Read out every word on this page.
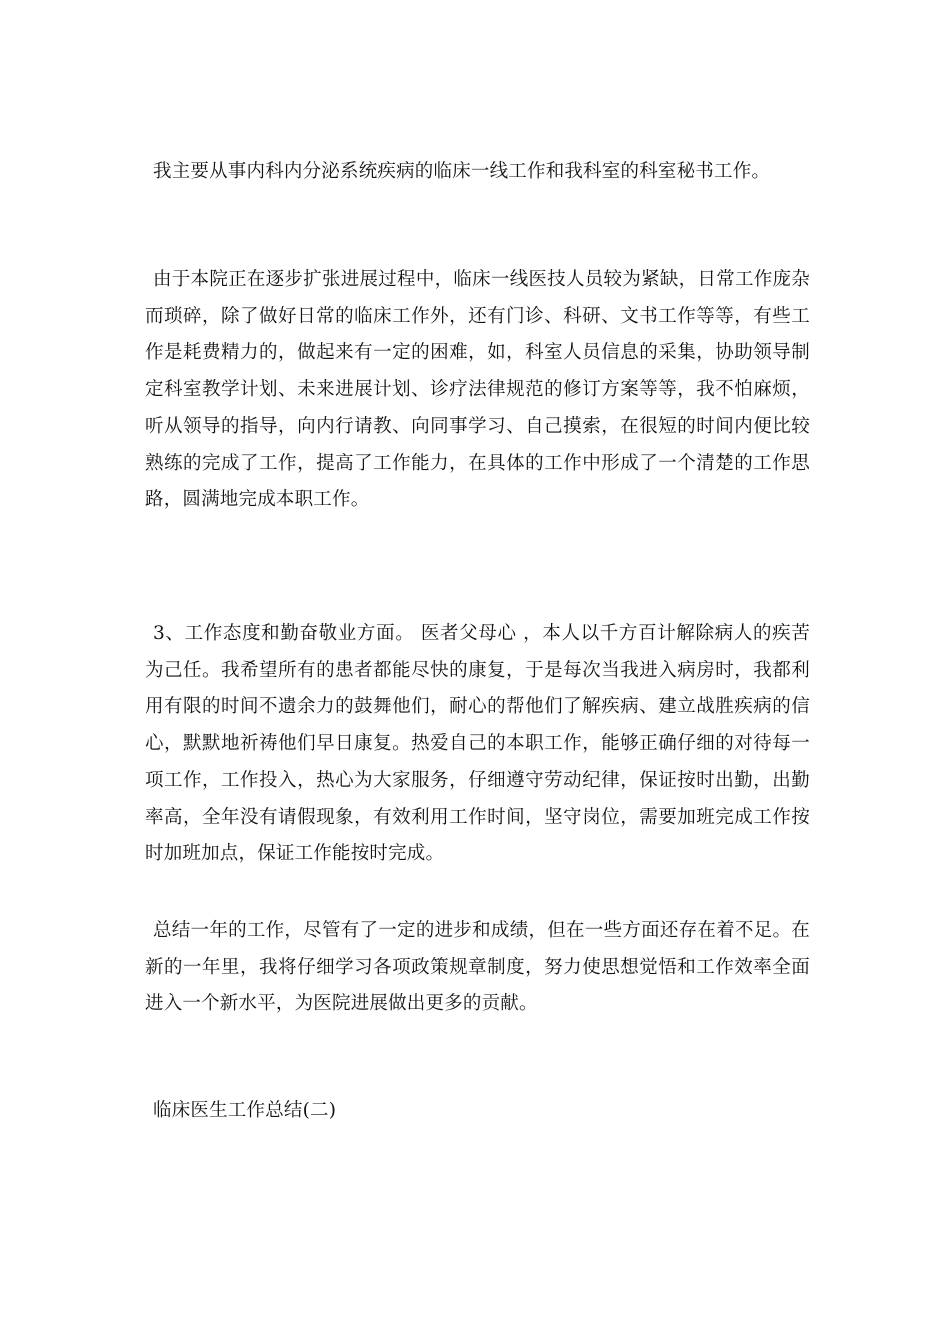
我主要从事内科内分泌系统疾病的临床一线工作和我科室的科室秘书工作。

由于本院正在逐步扩张进展过程中，临床一线医技人员较为紧缺，日常工作庞杂而琐碎，除了做好日常的临床工作外，还有门诊、科研、文书工作等等，有些工作是耗费精力的，做起来有一定的困难，如，科室人员信息的采集，协助领导制定科室教学计划、未来进展计划、诊疗法律规范的修订方案等等，我不怕麻烦，听从领导的指导，向内行请教、向同事学习、自己摸索，在很短的时间内便比较熟练的完成了工作，提高了工作能力，在具体的工作中形成了一个清楚的工作思路，圆满地完成本职工作。

3、工作态度和勤奋敬业方面。 医者父母心 ，本人以千方百计解除病人的疾苦为己任。我希望所有的患者都能尽快的康复，于是每次当我进入病房时，我都利用有限的时间不遗余力的鼓舞他们，耐心的帮他们了解疾病、建立战胜疾病的信心，默默地祈祷他们早日康复。热爱自己的本职工作，能够正确仔细的对待每一项工作，工作投入，热心为大家服务，仔细遵守劳动纪律，保证按时出勤，出勤率高，全年没有请假现象，有效利用工作时间，坚守岗位，需要加班完成工作按时加班加点，保证工作能按时完成。

总结一年的工作，尽管有了一定的进步和成绩，但在一些方面还存在着不足。在新的一年里，我将仔细学习各项政策规章制度，努力使思想觉悟和工作效率全面进入一个新水平，为医院进展做出更多的贡献。

临床医生工作总结(二)
